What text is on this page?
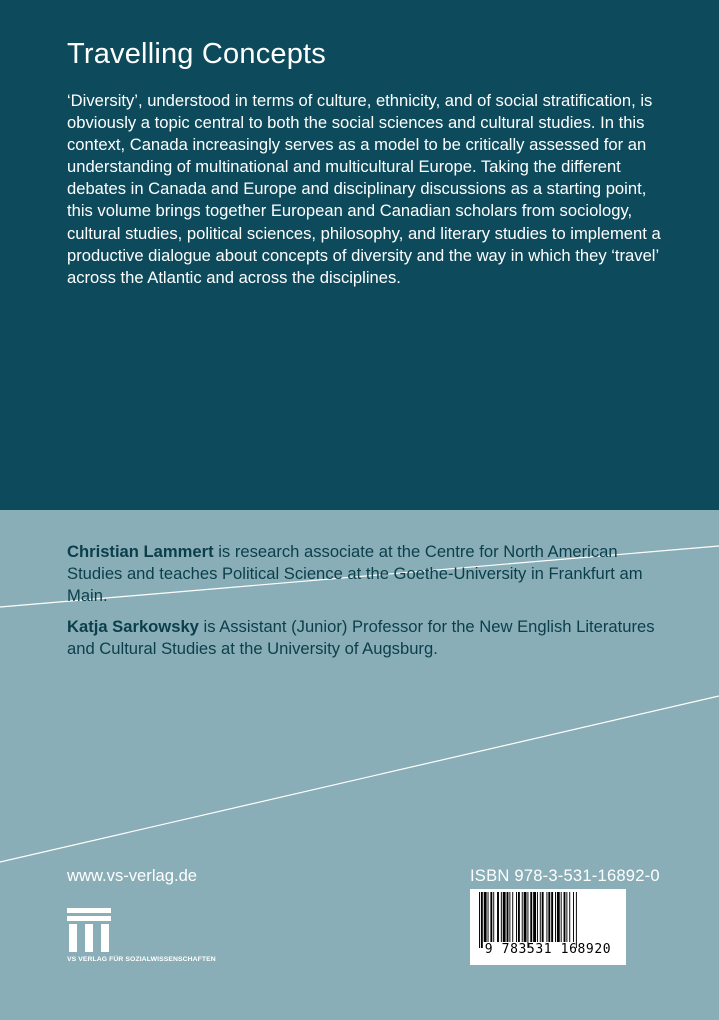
Travelling Concepts

‘Diversity’, understood in terms of culture, ethnicity, and of social stratification, is obviously a topic central to both the social sciences and cultural studies. In this context, Canada increasingly serves as a model to be critically assessed for an understanding of multinational and multicultural Europe. Taking the different debates in Canada and Europe and disciplinary discussions as a starting point, this volume brings together European and Canadian scholars from sociology, cultural studies, political sciences, philosophy, and literary studies to implement a productive dialogue about concepts of diversity and the way in which they ‘travel’ across the Atlantic and across the disciplines.

Christian Lammert is research associate at the Centre for North American Studies and teaches Political Science at the Goethe-University in Frankfurt am Main.

Katja Sarkowsky is Assistant (Junior) Professor for the New English Literatures and Cultural Studies at the University of Augsburg.

www.vs-verlag.de

VS VERLAG FÜR SOZIALWISSENSCHAFTEN

ISBN 978-3-531-16892-0

9 783531 168920
